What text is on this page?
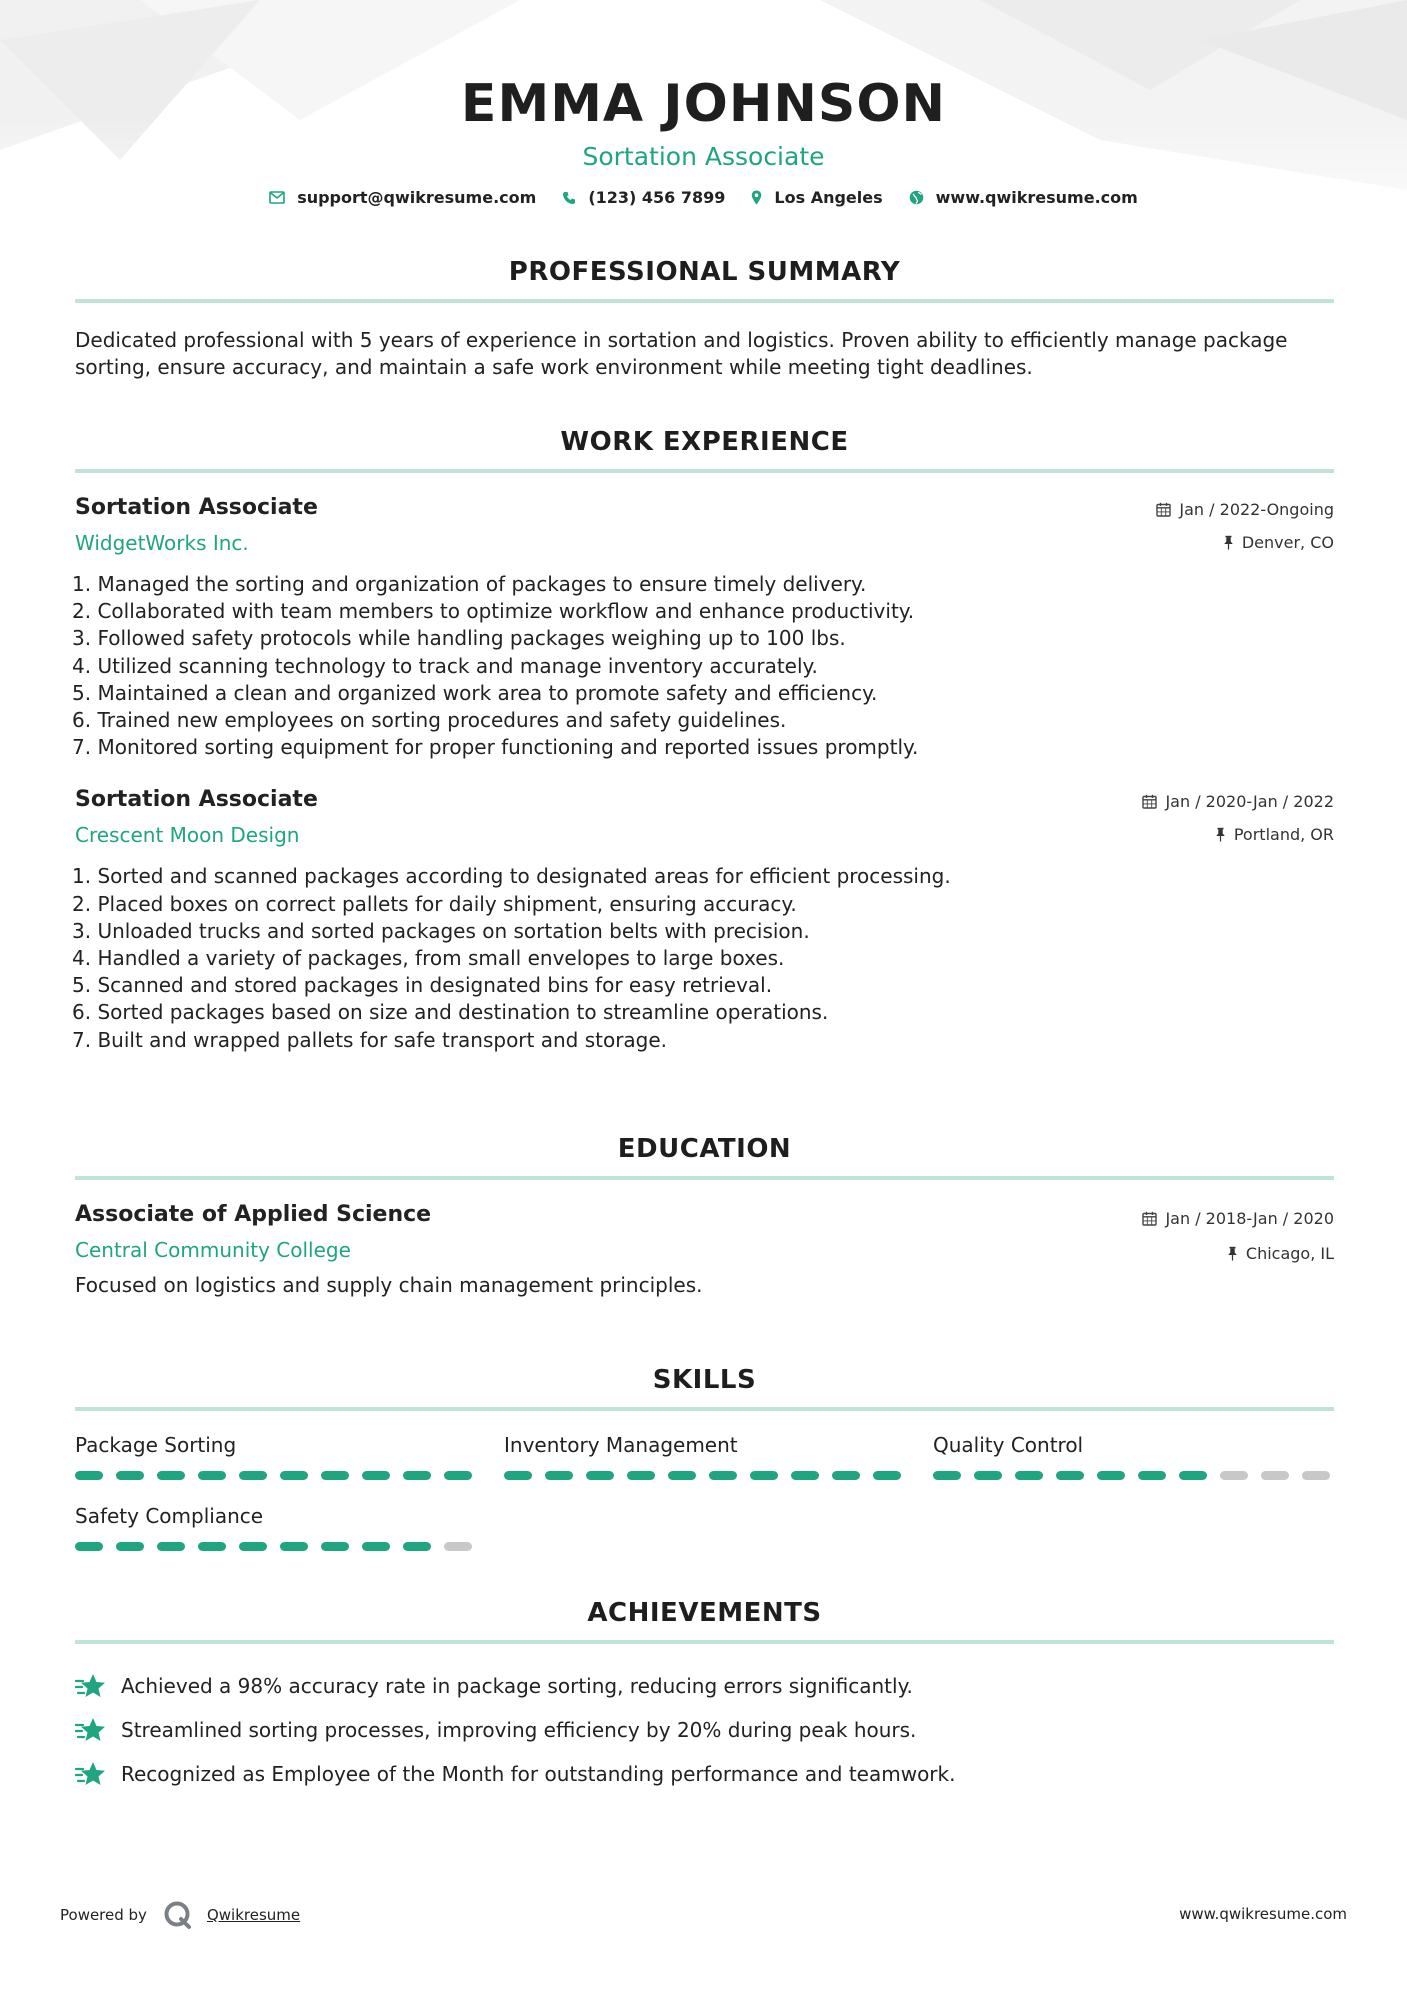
EMMA JOHNSON
Sortation Associate
support@qwikresume.com	(123) 456 7899	Los Angeles	www.qwikresume.com
PROFESSIONAL SUMMARY
Dedicated professional with 5 years of experience in sortation and logistics. Proven ability to efficiently manage package sorting, ensure accuracy, and maintain a safe work environment while meeting tight deadlines.
WORK EXPERIENCE
Sortation Associate
WidgetWorks Inc.
Jan / 2022-Ongoing
Denver, CO
Managed the sorting and organization of packages to ensure timely delivery.
Collaborated with team members to optimize workflow and enhance productivity.
Followed safety protocols while handling packages weighing up to 100 lbs.
Utilized scanning technology to track and manage inventory accurately.
Maintained a clean and organized work area to promote safety and efficiency.
Trained new employees on sorting procedures and safety guidelines.
Monitored sorting equipment for proper functioning and reported issues promptly.
Sortation Associate
Crescent Moon Design
Jan / 2020-Jan / 2022
Portland, OR
Sorted and scanned packages according to designated areas for efficient processing.
Placed boxes on correct pallets for daily shipment, ensuring accuracy.
Unloaded trucks and sorted packages on sortation belts with precision.
Handled a variety of packages, from small envelopes to large boxes.
Scanned and stored packages in designated bins for easy retrieval.
Sorted packages based on size and destination to streamline operations.
Built and wrapped pallets for safe transport and storage.
EDUCATION
Associate of Applied Science
Central Community College
Jan / 2018-Jan / 2020
Chicago, IL
Focused on logistics and supply chain management principles.
SKILLS
Package Sorting	Inventory Management	Quality Control
Safety Compliance
ACHIEVEMENTS
Achieved a 98% accuracy rate in package sorting, reducing errors significantly.
Streamlined sorting processes, improving efficiency by 20% during peak hours.
Recognized as Employee of the Month for outstanding performance and teamwork.
Powered by	Qwikresume	www.qwikresume.com
